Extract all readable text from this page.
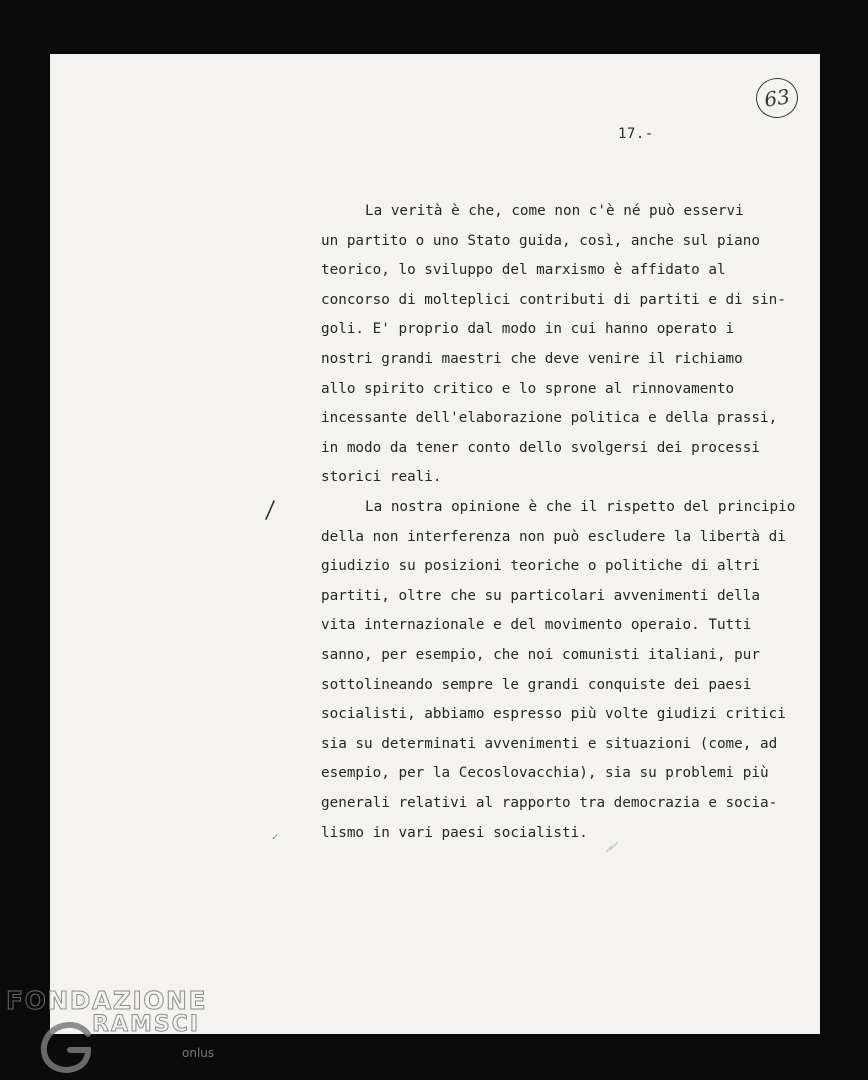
63
17.-
La verità è che, come non c'è né può esservi
un partito o uno Stato guida, così, anche sul piano
teorico, lo sviluppo del marxismo è affidato al
concorso di molteplici contributi di partiti e di sin-
goli. E' proprio dal modo in cui hanno operato i
nostri grandi maestri che deve venire il richiamo
allo spirito critico e lo sprone al rinnovamento
incessante dell'elaborazione politica e della prassi,
in modo da tener conto dello svolgersi dei processi
storici reali.
La nostra opinione è che il rispetto del principio
della non interferenza non può escludere la libertà di
giudizio su posizioni teoriche o politiche di altri
partiti, oltre che su particolari avvenimenti della
vita internazionale e del movimento operaio. Tutti
sanno, per esempio, che noi comunisti italiani, pur
sottolineando sempre le grandi conquiste dei paesi
socialisti, abbiamo espresso più volte giudizi critici
sia su determinati avvenimenti e situazioni (come, ad
esempio, per la Cecoslovacchia), sia su problemi più
generali relativi al rapporto tra democrazia e socia-
lismo in vari paesi socialisti.
✓
FONDAZIONE
RAMSCI
onlus
